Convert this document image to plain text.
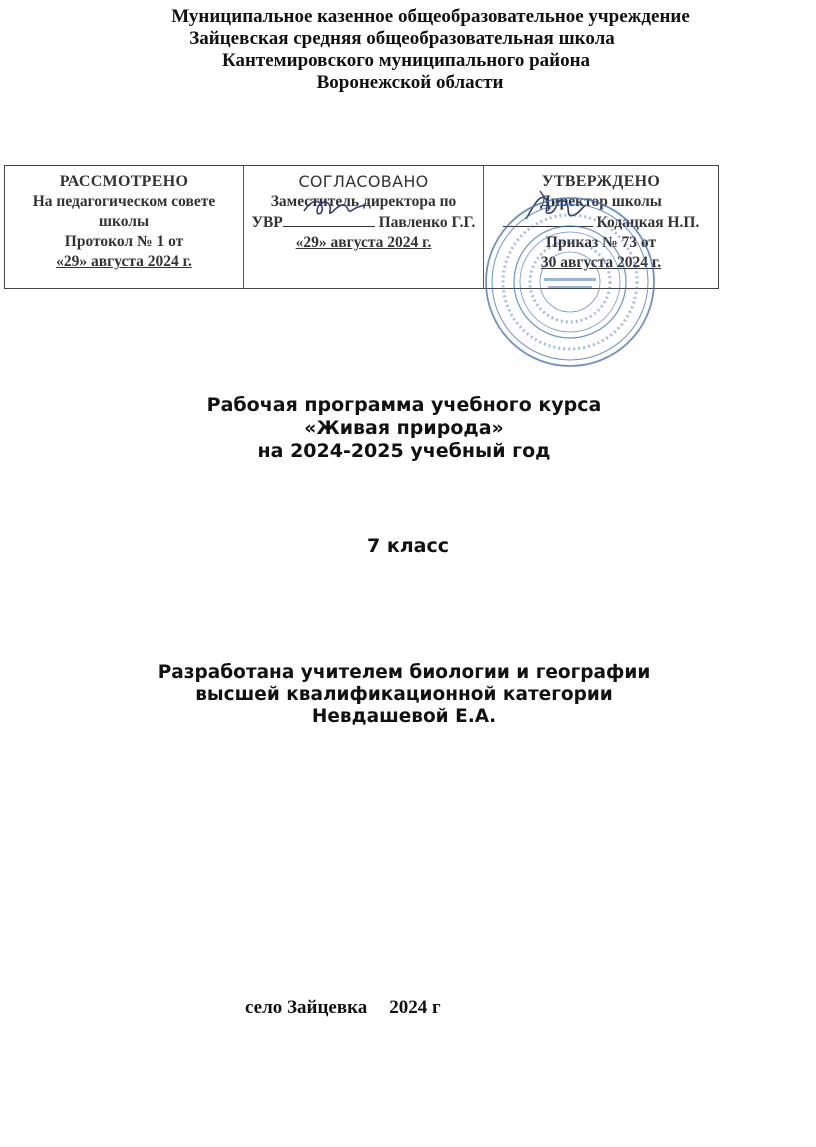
Муниципальное казенное общеобразовательное учреждение
Зайцевская средняя общеобразовательная школа
Кантемировского муниципального района
Воронежской области
РАССМОТРЕНО
На педагогическом совете
школы
Протокол № 1 от
«29» августа 2024 г.
СОГЛАСОВАНО
Заместитель директора по
УВР	Павленко Г.Г.
«29» августа 2024 г.
УТВЕРЖДЕНО
Директор школы
Кодацкая Н.П.
Приказ № 73 от
30 августа 2024 г.
Рабочая программа учебного курса
«Живая природа»
на 2024-2025 учебный год
7 класс
Разработана учителем биологии и географии
высшей квалификационной категории
Невдашевой Е.А.
село Зайцевка 2024 г
